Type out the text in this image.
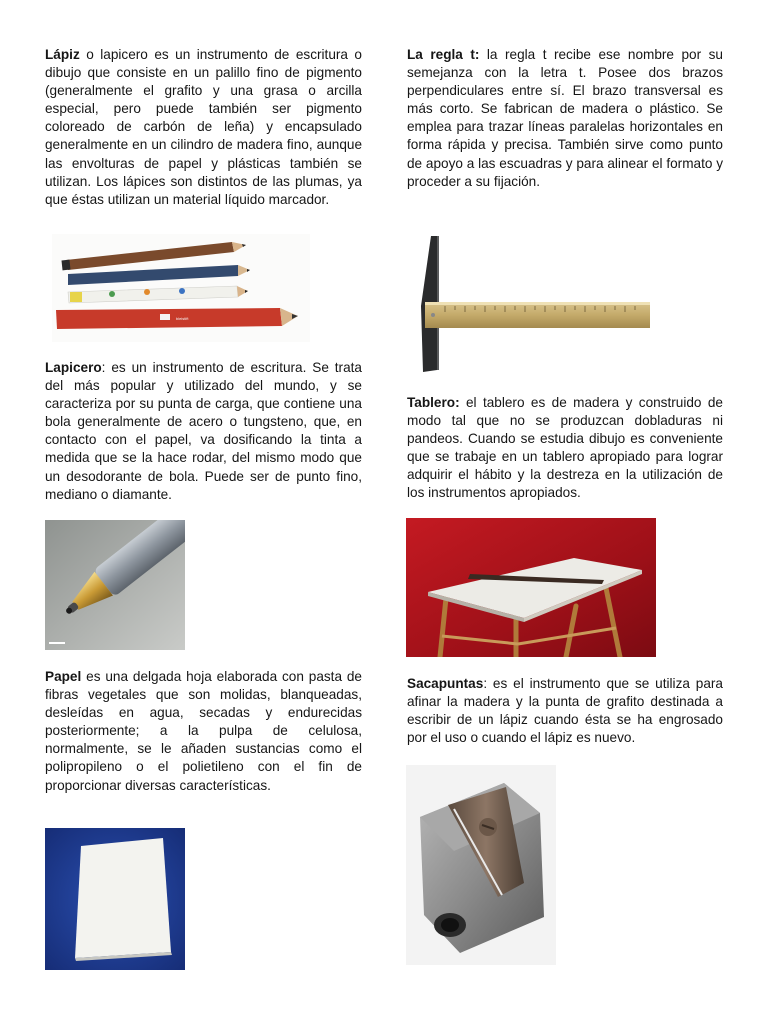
Lápiz o lapicero es un instrumento de escritura o dibujo que consiste en un palillo fino de pigmento (generalmente el grafito y una grasa o arcilla especial, pero puede también ser pigmento coloreado de carbón de leña) y encapsulado generalmente en un cilindro de madera fino, aunque las envolturas de papel y plásticas también se utilizan. Los lápices son distintos de las plumas, ya que éstas utilizan un material líquido marcador.

bleistift

Lapicero: es un instrumento de escritura. Se trata del más popular y utilizado del mundo, y se caracteriza por su punta de carga, que contiene una bola generalmente de acero o tungsteno, que, en contacto con el papel, va dosificando la tinta a medida que se la hace rodar, del mismo modo que un desodorante de bola. Puede ser de punto fino, mediano o diamante.

Papel es una delgada hoja elaborada con pasta de fibras vegetales que son molidas, blanqueadas, desleídas en agua, secadas y endurecidas posteriormente; a la pulpa de celulosa, normalmente, se le añaden sustancias como el polipropileno o el polietileno con el fin de proporcionar diversas características.

La regla t: la regla t recibe ese nombre por su semejanza con la letra t. Posee dos brazos perpendiculares entre sí. El brazo transversal es más corto. Se fabrican de madera o plástico. Se emplea para trazar líneas paralelas horizontales en forma rápida y precisa. También sirve como punto de apoyo a las escuadras y para alinear el formato y proceder a su fijación.

Tablero: el tablero es de madera y construido de modo tal que no se produzcan dobladuras ni pandeos. Cuando se estudia dibujo es conveniente que se trabaje en un tablero apropiado para lograr adquirir el hábito y la destreza en la utilización de los instrumentos apropiados.

Sacapuntas: es el instrumento que se utiliza para afinar la madera y la punta de grafito destinada a escribir de un lápiz cuando ésta se ha engrosado por el uso o cuando el lápiz es nuevo.
